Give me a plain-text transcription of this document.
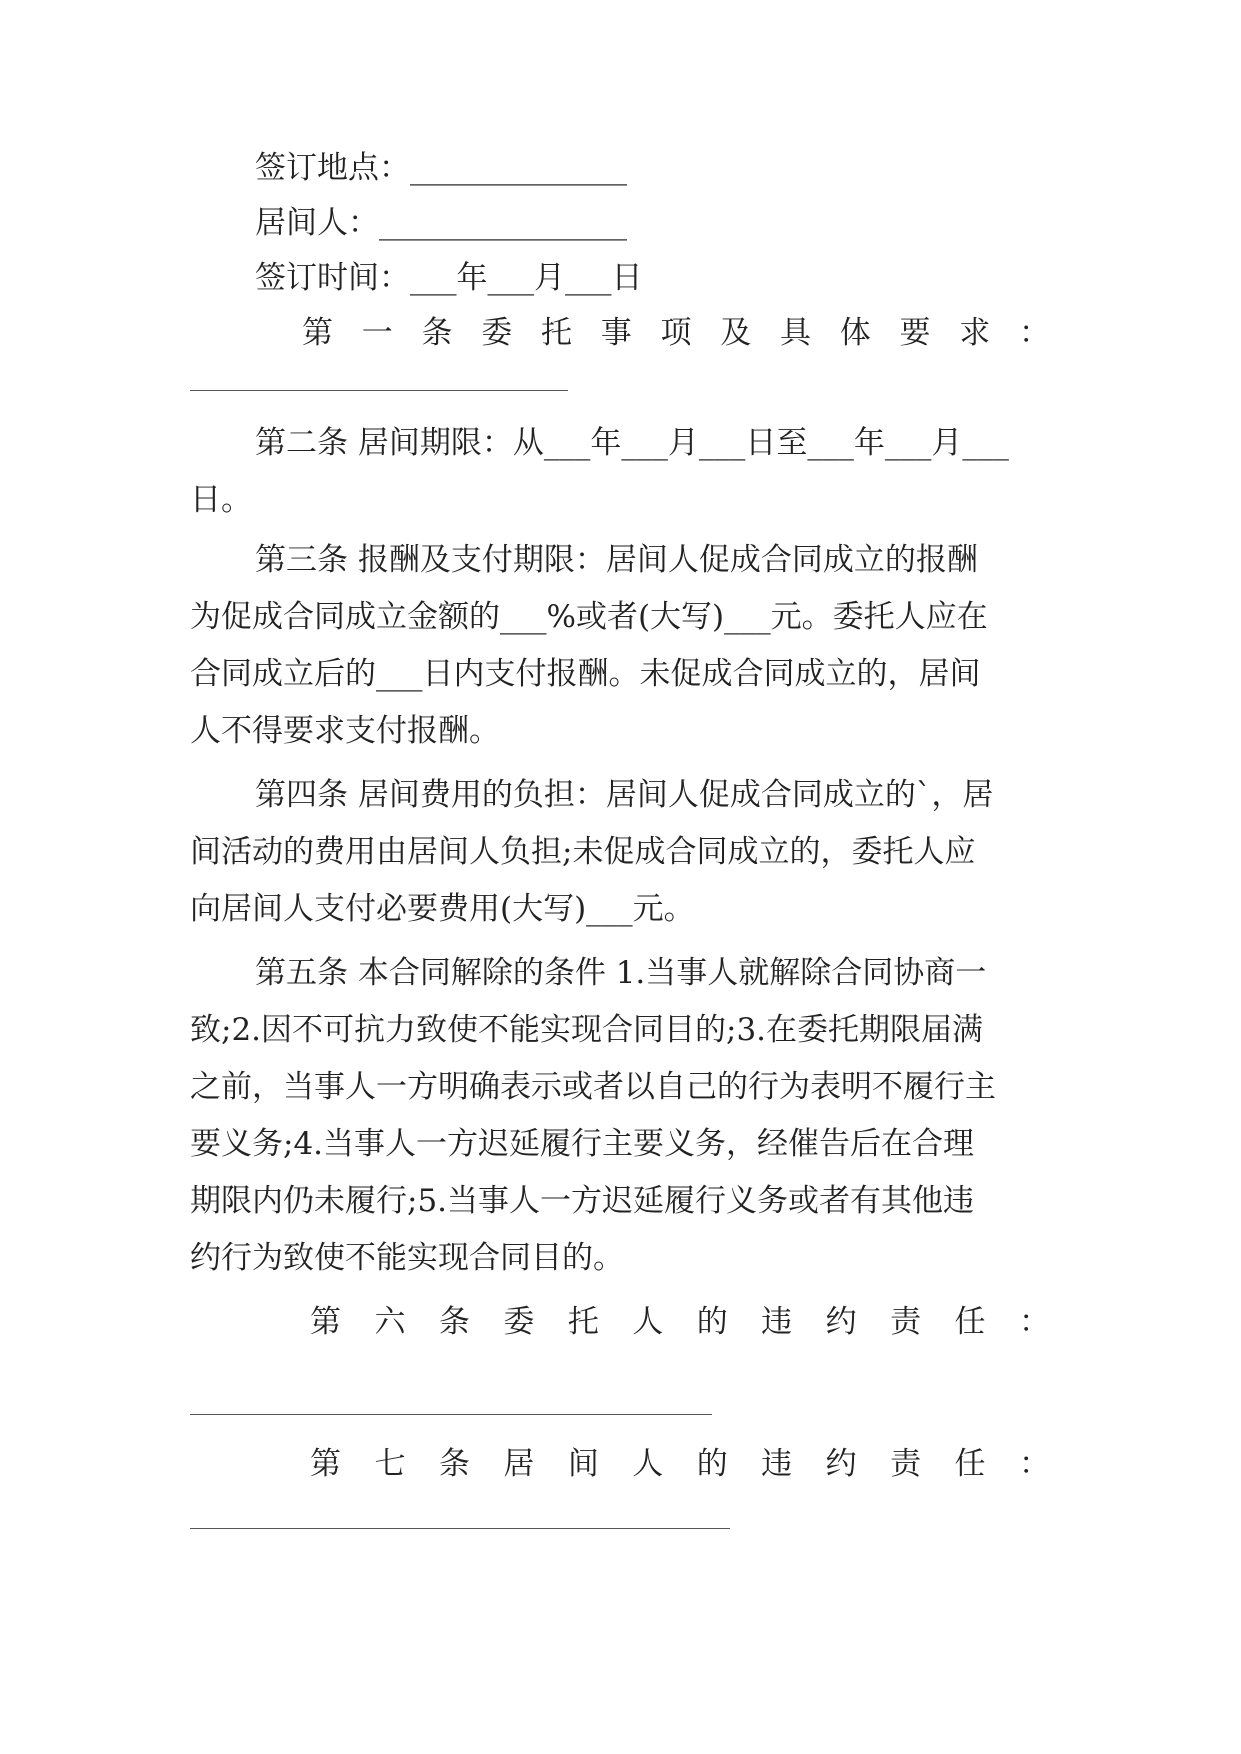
签订地点：______________
居间人：________________
签订时间：___年___月___日
第 一 条 委 托 事 项 及 具 体 要 求 ：
第二条 居间期限：从___年___月___日至___年___月___
日。
第三条 报酬及支付期限：居间人促成合同成立的报酬
为促成合同成立金额的___%或者(大写)___元。委托人应在
合同成立后的___日内支付报酬。未促成合同成立的，居间
人不得要求支付报酬。
第四条 居间费用的负担：居间人促成合同成立的`，居
间活动的费用由居间人负担;未促成合同成立的，委托人应
向居间人支付必要费用(大写)___元。
第五条 本合同解除的条件 1.当事人就解除合同协商一
致;2.因不可抗力致使不能实现合同目的;3.在委托期限届满
之前，当事人一方明确表示或者以自己的行为表明不履行主
要义务;4.当事人一方迟延履行主要义务，经催告后在合理
期限内仍未履行;5.当事人一方迟延履行义务或者有其他违
约行为致使不能实现合同目的。
第 六 条 委 托 人 的 违 约 责 任 ：
第 七 条 居 间 人 的 违 约 责 任 ：
